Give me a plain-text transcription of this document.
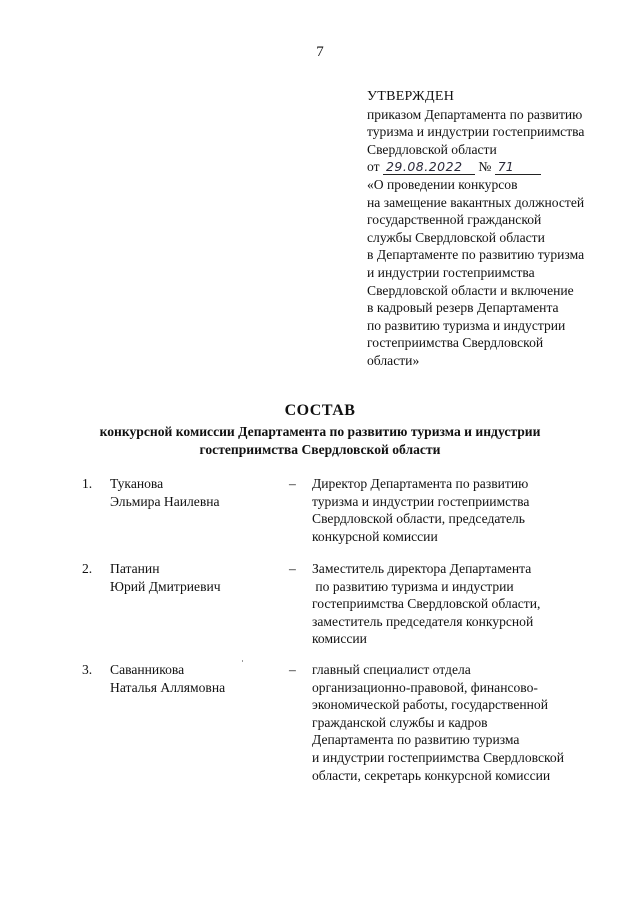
7
УТВЕРЖДЕН
приказом Департамента по развитию
туризма и индустрии гостеприимства
Свердловской области
от 29.08.2022 № 71
«О проведении конкурсов
на замещение вакантных должностей
государственной гражданской
службы Свердловской области
в Департаменте по развитию туризма
и индустрии гостеприимства
Свердловской области и включение
в кадровый резерв Департамента
по развитию туризма и индустрии
гостеприимства Свердловской
области»
СОСТАВ
конкурсной комиссии Департамента по развитию туризма и индустрии
гостеприимства Свердловской области
1. Туканова
Эльмира Наилевна
– Директор Департамента по развитию
туризма и индустрии гостеприимства
Свердловской области, председатель
конкурсной комиссии
2. Патанин
Юрий Дмитриевич
– Заместитель директора Департамента
по развитию туризма и индустрии
гостеприимства Свердловской области,
заместитель председателя конкурсной
комиссии
3. Саванникова
Наталья Аллямовна
– главный специалист отдела
организационно-правовой, финансово-
экономической работы, государственной
гражданской службы и кадров
Департамента по развитию туризма
и индустрии гостеприимства Свердловской
области, секретарь конкурсной комиссии
